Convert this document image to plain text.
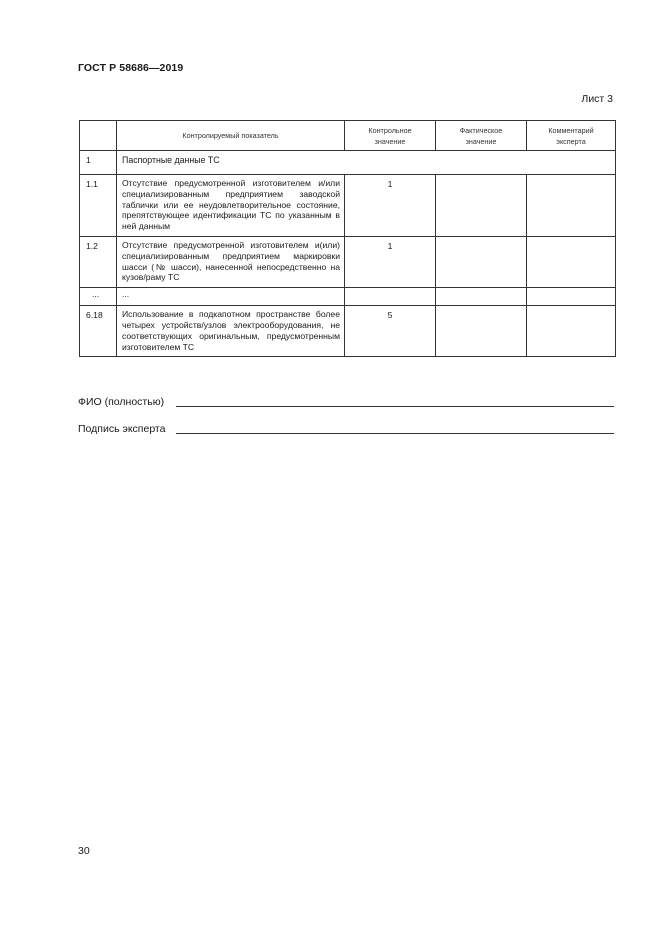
ГОСТ Р 58686—2019
Лист 3
	Контролируемый показатель	Контрольное значение	Фактическое значение	Комментарий эксперта
1	Паспортные данные ТС			
1.1	Отсутствие предусмотренной изготовителем и/или специализированным предприятием заводской таблички или ее неудовлетворительное состояние, препятствующее идентификации ТС по указанным в ней данным	1		
1.2	Отсутствие предусмотренной изготовителем и(или) специализированным предприятием маркировки шасси (№ шасси), нанесенной непосредственно на кузов/раму ТС	1		
...	...			
6.18	Использование в подкапотном пространстве более четырех устройств/узлов электрооборудования, не соответствующих оригинальным, предусмотренным изготовителем ТС	5		
ФИО (полностью)
Подпись эксперта
30
